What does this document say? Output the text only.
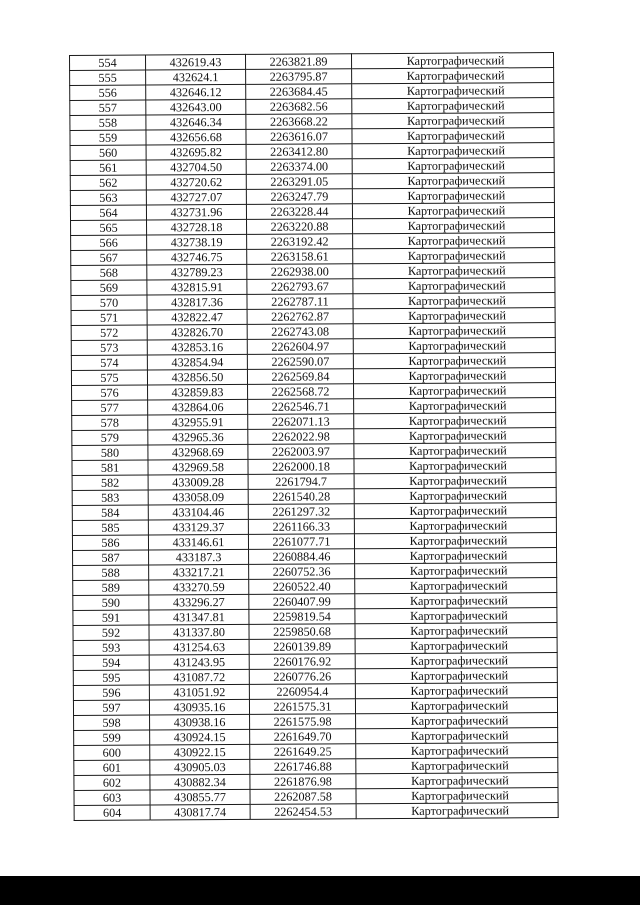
554	432619.43	2263821.89	Картографический
555	432624.1	2263795.87	Картографический
556	432646.12	2263684.45	Картографический
557	432643.00	2263682.56	Картографический
558	432646.34	2263668.22	Картографический
559	432656.68	2263616.07	Картографический
560	432695.82	2263412.80	Картографический
561	432704.50	2263374.00	Картографический
562	432720.62	2263291.05	Картографический
563	432727.07	2263247.79	Картографический
564	432731.96	2263228.44	Картографический
565	432728.18	2263220.88	Картографический
566	432738.19	2263192.42	Картографический
567	432746.75	2263158.61	Картографический
568	432789.23	2262938.00	Картографический
569	432815.91	2262793.67	Картографический
570	432817.36	2262787.11	Картографический
571	432822.47	2262762.87	Картографический
572	432826.70	2262743.08	Картографический
573	432853.16	2262604.97	Картографический
574	432854.94	2262590.07	Картографический
575	432856.50	2262569.84	Картографический
576	432859.83	2262568.72	Картографический
577	432864.06	2262546.71	Картографический
578	432955.91	2262071.13	Картографический
579	432965.36	2262022.98	Картографический
580	432968.69	2262003.97	Картографический
581	432969.58	2262000.18	Картографический
582	433009.28	2261794.7	Картографический
583	433058.09	2261540.28	Картографический
584	433104.46	2261297.32	Картографический
585	433129.37	2261166.33	Картографический
586	433146.61	2261077.71	Картографический
587	433187.3	2260884.46	Картографический
588	433217.21	2260752.36	Картографический
589	433270.59	2260522.40	Картографический
590	433296.27	2260407.99	Картографический
591	431347.81	2259819.54	Картографический
592	431337.80	2259850.68	Картографический
593	431254.63	2260139.89	Картографический
594	431243.95	2260176.92	Картографический
595	431087.72	2260776.26	Картографический
596	431051.92	2260954.4	Картографический
597	430935.16	2261575.31	Картографический
598	430938.16	2261575.98	Картографический
599	430924.15	2261649.70	Картографический
600	430922.15	2261649.25	Картографический
601	430905.03	2261746.88	Картографический
602	430882.34	2261876.98	Картографический
603	430855.77	2262087.58	Картографический
604	430817.74	2262454.53	Картографический
